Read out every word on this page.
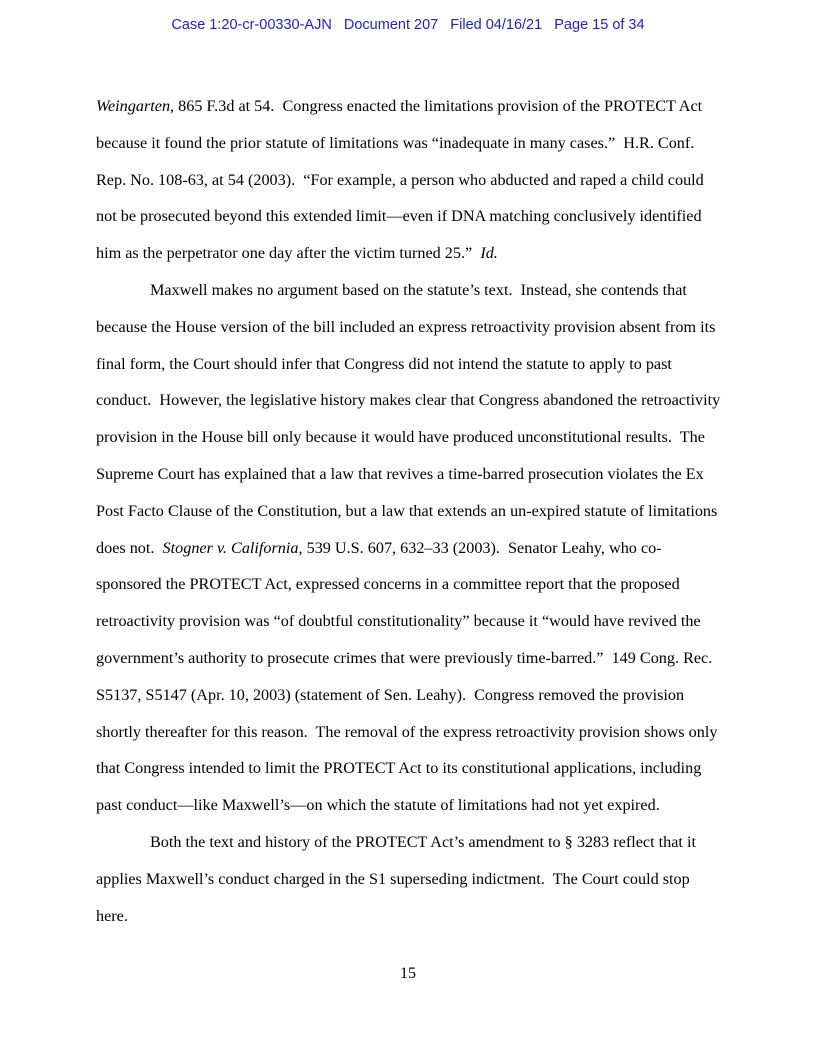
Case 1:20-cr-00330-AJN   Document 207   Filed 04/16/21   Page 15 of 34

Weingarten, 865 F.3d at 54.  Congress enacted the limitations provision of the PROTECT Act because it found the prior statute of limitations was “inadequate in many cases.”  H.R. Conf. Rep. No. 108-63, at 54 (2003).  “For example, a person who abducted and raped a child could not be prosecuted beyond this extended limit—even if DNA matching conclusively identified him as the perpetrator one day after the victim turned 25.”  Id.

Maxwell makes no argument based on the statute’s text.  Instead, she contends that because the House version of the bill included an express retroactivity provision absent from its final form, the Court should infer that Congress did not intend the statute to apply to past conduct.  However, the legislative history makes clear that Congress abandoned the retroactivity provision in the House bill only because it would have produced unconstitutional results.  The Supreme Court has explained that a law that revives a time-barred prosecution violates the Ex Post Facto Clause of the Constitution, but a law that extends an un-expired statute of limitations does not.  Stogner v. California, 539 U.S. 607, 632–33 (2003).  Senator Leahy, who co-sponsored the PROTECT Act, expressed concerns in a committee report that the proposed retroactivity provision was “of doubtful constitutionality” because it “would have revived the government’s authority to prosecute crimes that were previously time-barred.”  149 Cong. Rec. S5137, S5147 (Apr. 10, 2003) (statement of Sen. Leahy).  Congress removed the provision shortly thereafter for this reason.  The removal of the express retroactivity provision shows only that Congress intended to limit the PROTECT Act to its constitutional applications, including past conduct—like Maxwell’s—on which the statute of limitations had not yet expired.

Both the text and history of the PROTECT Act’s amendment to § 3283 reflect that it applies Maxwell’s conduct charged in the S1 superseding indictment.  The Court could stop here.

15
